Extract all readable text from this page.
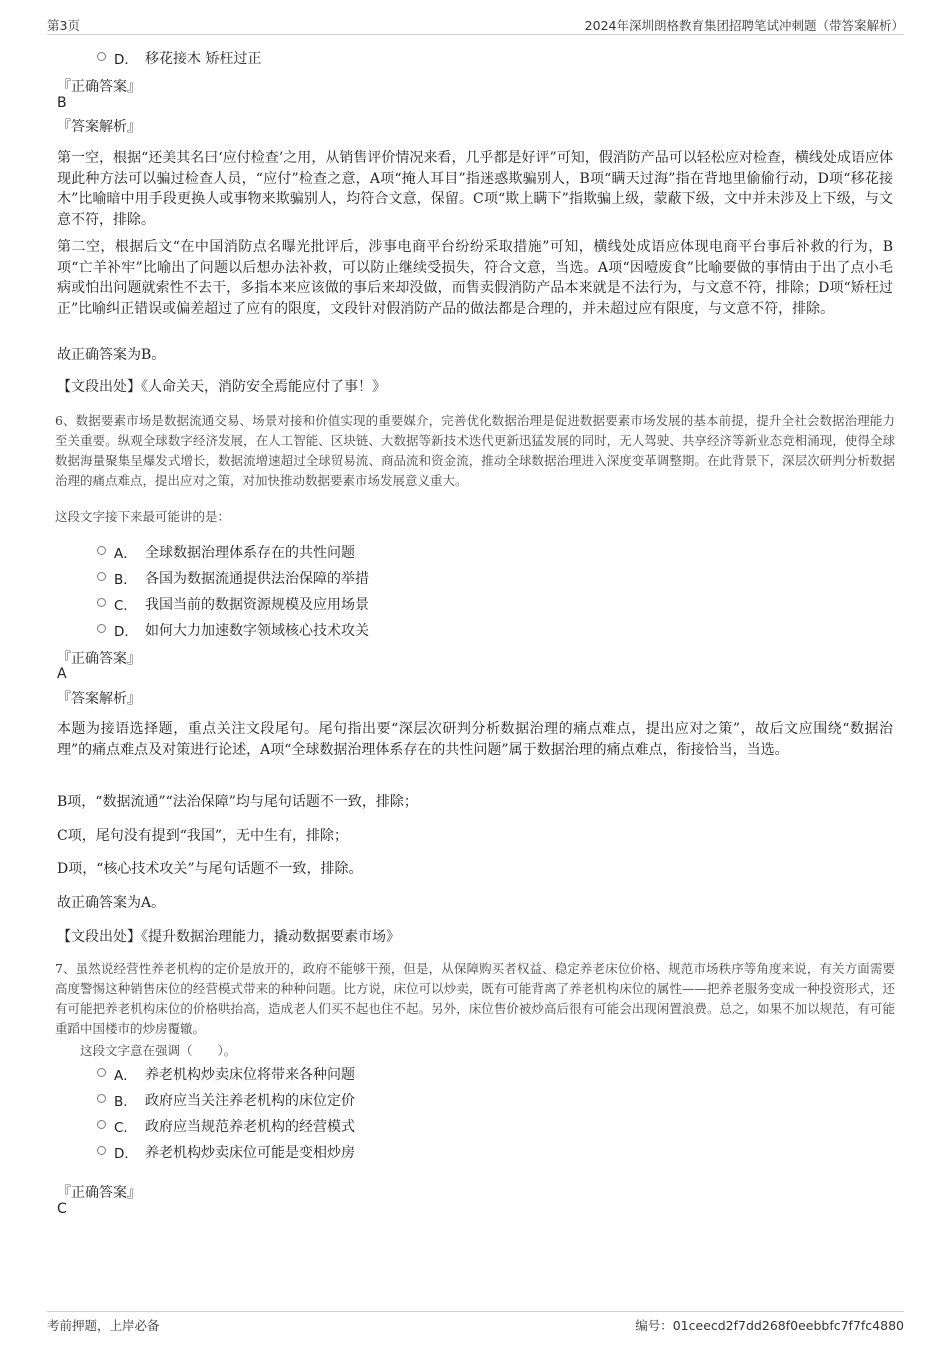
第3页	2024年深圳朗格教育集团招聘笔试冲刺题（带答案解析）
D． 移花接木 矫枉过正
『正确答案』
B
『答案解析』
第一空，根据“还美其名曰‘应付检查’之用，从销售评价情况来看，几乎都是好评”可知，假消防产品可以轻松应对检查，横线处成语应体现此种方法可以骗过检查人员，“应付”检查之意，A项“掩人耳目”指迷惑欺骗别人，B项“瞒天过海”指在背地里偷偷行动，D项“移花接木”比喻暗中用手段更换人或事物来欺骗别人，均符合文意，保留。C项“欺上瞒下”指欺骗上级，蒙蔽下级，文中并未涉及上下级，与文意不符，排除。
第二空，根据后文“在中国消防点名曝光批评后，涉事电商平台纷纷采取措施”可知，横线处成语应体现电商平台事后补救的行为，B项“亡羊补牢”比喻出了问题以后想办法补救，可以防止继续受损失，符合文意，当选。A项“因噎废食”比喻要做的事情由于出了点小毛病或怕出问题就索性不去干，多指本来应该做的事后来却没做，而售卖假消防产品本来就是不法行为，与文意不符，排除；D项“矫枉过正”比喻纠正错误或偏差超过了应有的限度，文段针对假消防产品的做法都是合理的，并未超过应有限度，与文意不符，排除。
故正确答案为B。
【文段出处】《人命关天，消防安全焉能应付了事！》
6、数据要素市场是数据流通交易、场景对接和价值实现的重要媒介，完善优化数据治理是促进数据要素市场发展的基本前提，提升全社会数据治理能力至关重要。纵观全球数字经济发展，在人工智能、区块链、大数据等新技术迭代更新迅猛发展的同时，无人驾驶、共享经济等新业态竞相涌现，使得全球数据海量聚集呈爆发式增长，数据流增速超过全球贸易流、商品流和资金流，推动全球数据治理进入深度变革调整期。在此背景下，深层次研判分析数据治理的痛点难点，提出应对之策，对加快推动数据要素市场发展意义重大。
这段文字接下来最可能讲的是：
A． 全球数据治理体系存在的共性问题
B． 各国为数据流通提供法治保障的举措
C． 我国当前的数据资源规模及应用场景
D． 如何大力加速数字领域核心技术攻关
『正确答案』
A
『答案解析』
本题为接语选择题，重点关注文段尾句。尾句指出要“深层次研判分析数据治理的痛点难点，提出应对之策”，故后文应围绕“数据治理”的痛点难点及对策进行论述，A项“全球数据治理体系存在的共性问题”属于数据治理的痛点难点，衔接恰当，当选。
B项，“数据流通”“法治保障”均与尾句话题不一致，排除；
C项，尾句没有提到“我国”，无中生有，排除；
D项，“核心技术攻关”与尾句话题不一致，排除。
故正确答案为A。
【文段出处】《提升数据治理能力，撬动数据要素市场》
7、虽然说经营性养老机构的定价是放开的，政府不能够干预，但是，从保障购买者权益、稳定养老床位价格、规范市场秩序等角度来说，有关方面需要高度警惕这种销售床位的经营模式带来的种种问题。比方说，床位可以炒卖，既有可能背离了养老机构床位的属性——把养老服务变成一种投资形式，还有可能把养老机构床位的价格哄抬高，造成老人们买不起也住不起。另外，床位售价被炒高后很有可能会出现闲置浪费。总之，如果不加以规范，有可能重蹈中国楼市的炒房覆辙。
这段文字意在强调（　　）。
A． 养老机构炒卖床位将带来各种问题
B． 政府应当关注养老机构的床位定价
C． 政府应当规范养老机构的经营模式
D． 养老机构炒卖床位可能是变相炒房
『正确答案』
C
考前押题，上岸必备	编号：01ceecd2f7dd268f0eebbfc7f7fc4880
